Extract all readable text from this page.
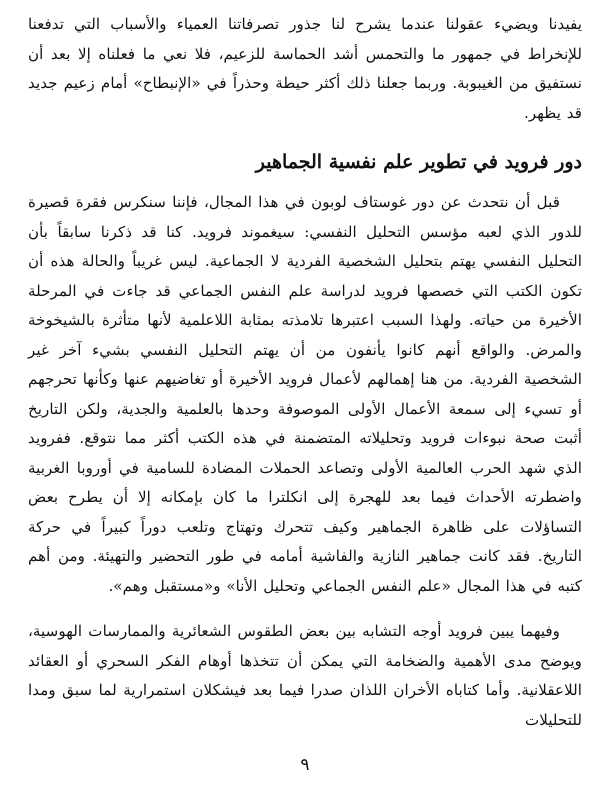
يفيدنا ويضيء عقولنا عندما يشرح لنا جذور تصرفاتنا العمياء والأسباب التي تدفعنا للإنخراط في جمهور ما والتحمس أشد الحماسة للزعيم، فلا نعي ما فعلناه إلا بعد أن نستفيق من الغيبوبة. وربما جعلنا ذلك أكثر حيطة وحذراً في «الإنبطاح» أمام زعيم جديد قد يظهر.

دور فرويد في تطوير علم نفسية الجماهير

قبل أن نتحدث عن دور غوستاف لوبون في هذا المجال، فإننا سنكرس فقرة قصيرة للدور الذي لعبه مؤسس التحليل النفسي: سيغموند فرويد. كنا قد ذكرنا سابقاً بأن التحليل النفسي يهتم بتحليل الشخصية الفردية لا الجماعية. ليس غريباً والحالة هذه أن تكون الكتب التي خصصها فرويد لدراسة علم النفس الجماعي قد جاءت في المرحلة الأخيرة من حياته. ولهذا السبب اعتبرها تلامذته بمثابة اللاعلمية لأنها متأثرة بالشيخوخة والمرض. والواقع أنهم كانوا يأنفون من أن يهتم التحليل النفسي بشيء آخر غير الشخصية الفردية. من هنا إهمالهم لأعمال فرويد الأخيرة أو تغاضيهم عنها وكأنها تحرجهم أو تسيء إلى سمعة الأعمال الأولى الموصوفة وحدها بالعلمية والجدية، ولكن التاريخ أثبت صحة نبوءات فرويد وتحليلاته المتضمنة في هذه الكتب أكثر مما نتوقع. ففرويد الذي شهد الحرب العالمية الأولى وتصاعد الحملات المضادة للسامية في أوروبا الغربية واضطرته الأحداث فيما بعد للهجرة إلى انكلترا ما كان بإمكانه إلا أن يطرح بعض التساؤلات على ظاهرة الجماهير وكيف تتحرك وتهتاج وتلعب دوراً كبيراً في حركة التاريخ. فقد كانت جماهير النازية والفاشية أمامه في طور التحضير والتهيئة. ومن أهم كتبه في هذا المجال «علم النفس الجماعي وتحليل الأنا» و«مستقبل وهم».

وفيهما يبين فرويد أوجه التشابه بين بعض الطقوس الشعائرية والممارسات الهوسية، ويوضح مدى الأهمية والضخامة التي يمكن أن تتخذها أوهام الفكر السحري أو العقائد اللاعقلانية. وأما كتاباه الأخران اللذان صدرا فيما بعد فيشكلان استمرارية لما سبق ومدا للتحليلات

٩
